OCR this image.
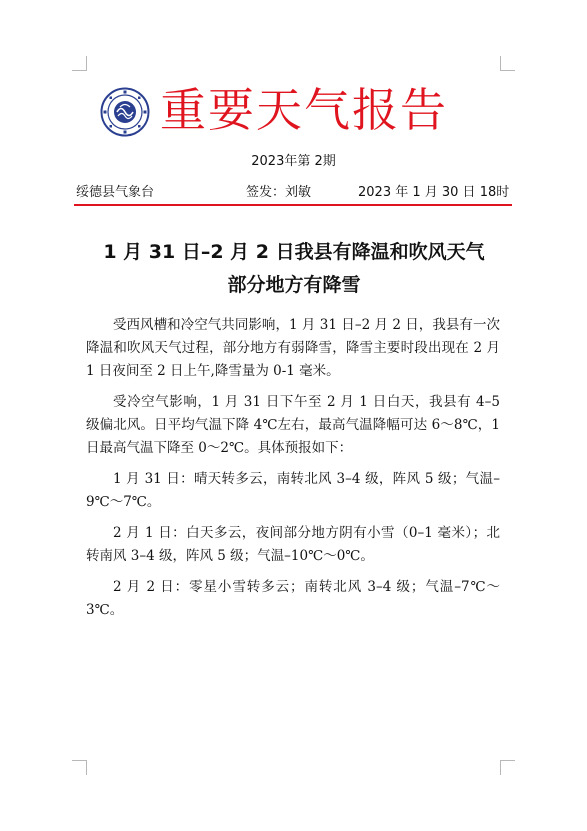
重要天气报告
2023年第 2期
绥德县气象台	签发：刘敏	2023 年 1 月 30 日 18时
1 月 31 日–2 月 2 日我县有降温和吹风天气
部分地方有降雪

受西风槽和冷空气共同影响，1 月 31 日–2 月 2 日，我县有一次降温和吹风天气过程，部分地方有弱降雪，降雪主要时段出现在 2 月 1 日夜间至 2 日上午,降雪量为 0-1 毫米。

受冷空气影响，1 月 31 日下午至 2 月 1 日白天，我县有 4–5 级偏北风。日平均气温下降 4℃左右，最高气温降幅可达 6～8℃，1 日最高气温下降至 0～2℃。具体预报如下：

1 月 31 日：晴天转多云，南转北风 3–4 级，阵风 5 级；气温–9℃～7℃。

2 月 1 日：白天多云，夜间部分地方阴有小雪（0–1 毫米）；北转南风 3–4 级，阵风 5 级；气温–10℃～0℃。

2 月 2 日：零星小雪转多云；南转北风 3–4 级；气温–7℃～3℃。
